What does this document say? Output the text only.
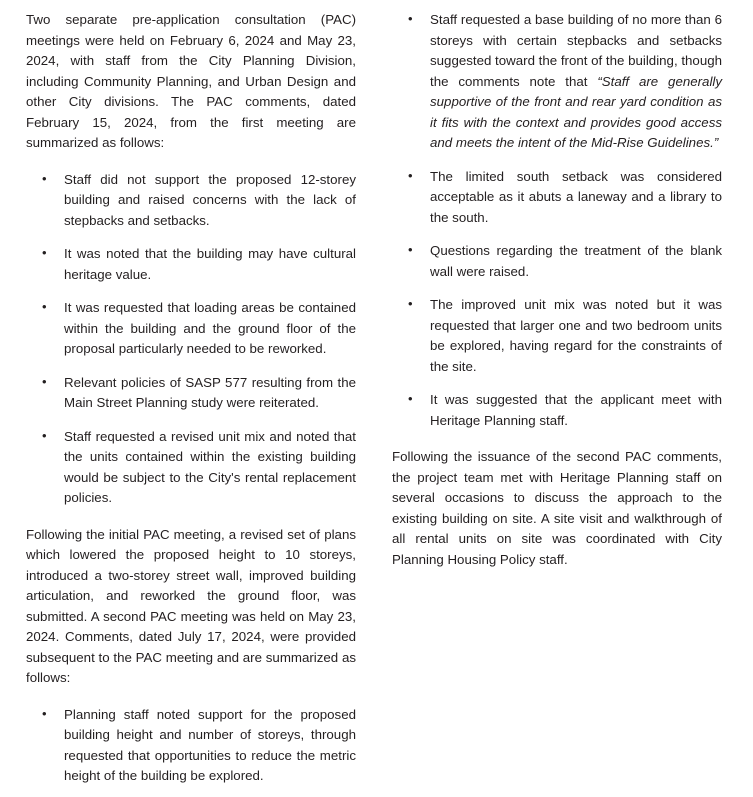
Two separate pre-application consultation (PAC) meetings were held on February 6, 2024 and May 23, 2024, with staff from the City Planning Division, including Community Planning, and Urban Design and other City divisions. The PAC comments, dated February 15, 2024, from the first meeting are summarized as follows:

• Staff did not support the proposed 12-storey building and raised concerns with the lack of stepbacks and setbacks.
• It was noted that the building may have cultural heritage value.
• It was requested that loading areas be contained within the building and the ground floor of the proposal particularly needed to be reworked.
• Relevant policies of SASP 577 resulting from the Main Street Planning study were reiterated.
• Staff requested a revised unit mix and noted that the units contained within the existing building would be subject to the City's rental replacement policies.

Following the initial PAC meeting, a revised set of plans which lowered the proposed height to 10 storeys, introduced a two-storey street wall, improved building articulation, and reworked the ground floor, was submitted. A second PAC meeting was held on May 23, 2024. Comments, dated July 17, 2024, were provided subsequent to the PAC meeting and are summarized as follows:

• Planning staff noted support for the proposed building height and number of storeys, through requested that opportunities to reduce the metric height of the building be explored.
• Staff requested a base building of no more than 6 storeys with certain stepbacks and setbacks suggested toward the front of the building, though the comments note that “Staff are generally supportive of the front and rear yard condition as it fits with the context and provides good access and meets the intent of the Mid-Rise Guidelines.”
• The limited south setback was considered acceptable as it abuts a laneway and a library to the south.
• Questions regarding the treatment of the blank wall were raised.
• The improved unit mix was noted but it was requested that larger one and two bedroom units be explored, having regard for the constraints of the site.
• It was suggested that the applicant meet with Heritage Planning staff.

Following the issuance of the second PAC comments, the project team met with Heritage Planning staff on several occasions to discuss the approach to the existing building on site. A site visit and walkthrough of all rental units on site was coordinated with City Planning Housing Policy staff.
